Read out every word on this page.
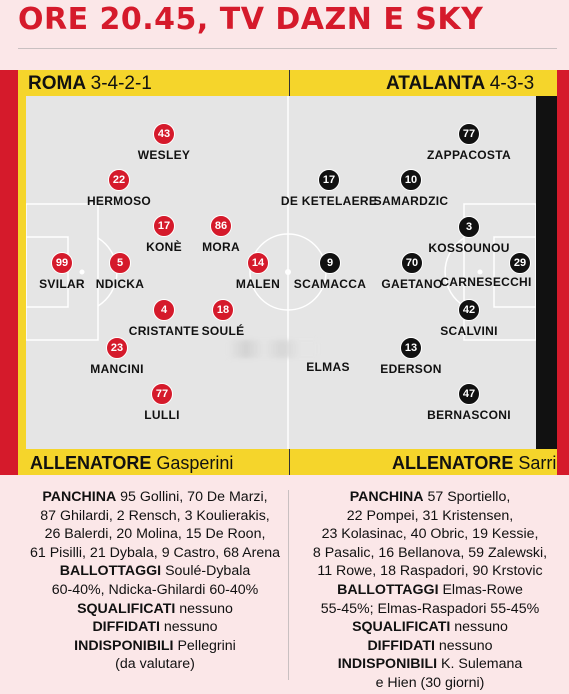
ORE 20.45, TV DAZN E SKY
ROMA 3-4-2-1	ATALANTA 4-3-3
43
WESLEY
22
HERMOSO
17
KONÈ
86
MORA
99
SVILAR
5
NDICKA
14
MALEN
4
CRISTANTE
18
SOULÉ
23
MANCINI
77
LULLI
77
ZAPPACOSTA
17
DE KETELAERE
10
SAMARDZIC
3
KOSSOUNOU
9
SCAMACCA
70
GAETANO
CARNESECCHI
42
SCALVINI
ELMAS
13
EDERSON
47
BERNASCONI
29
ALLENATORE Gasperini	ALLENATORE Sarri
PANCHINA 95 Gollini, 70 De Marzi,
87 Ghilardi, 2 Rensch, 3 Koulierakis,
26 Balerdi, 20 Molina, 15 De Roon,
61 Pisilli, 21 Dybala, 9 Castro, 68 Arena
BALLOTTAGGI Soulé-Dybala
60-40%, Ndicka-Ghilardi 60-40%
SQUALIFICATI nessuno
DIFFIDATI nessuno
INDISPONIBILI Pellegrini
(da valutare)
PANCHINA 57 Sportiello,
22 Pompei, 31 Kristensen,
23 Kolasinac, 40 Obric, 19 Kessie,
8 Pasalic, 16 Bellanova, 59 Zalewski,
11 Rowe, 18 Raspadori, 90 Krstovic
BALLOTTAGGI Elmas-Rowe
55-45%; Elmas-Raspadori 55-45%
SQUALIFICATI nessuno
DIFFIDATI nessuno
INDISPONIBILI K. Sulemana
e Hien (30 giorni)
